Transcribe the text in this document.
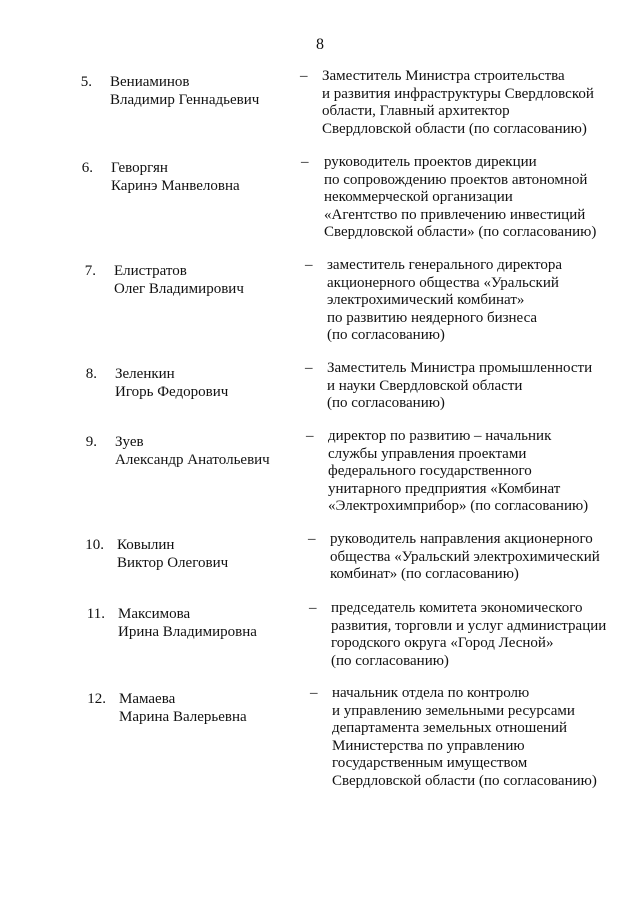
8
5. Вениаминов
Владимир Геннадьевич
– Заместитель Министра строительства
и развития инфраструктуры Свердловской
области, Главный архитектор
Свердловской области (по согласованию)
6. Геворгян
Каринэ Манвеловна
– руководитель проектов дирекции
по сопровождению проектов автономной
некоммерческой организации
«Агентство по привлечению инвестиций
Свердловской области» (по согласованию)
7. Елистратов
Олег Владимирович
– заместитель генерального директора
акционерного общества «Уральский
электрохимический комбинат»
по развитию неядерного бизнеса
(по согласованию)
8. Зеленкин
Игорь Федорович
– Заместитель Министра промышленности
и науки Свердловской области
(по согласованию)
9. Зуев
Александр Анатольевич
– директор по развитию – начальник
службы управления проектами
федерального государственного
унитарного предприятия «Комбинат
«Электрохимприбор» (по согласованию)
10. Ковылин
Виктор Олегович
– руководитель направления акционерного
общества «Уральский электрохимический
комбинат» (по согласованию)
11. Максимова
Ирина Владимировна
– председатель комитета экономического
развития, торговли и услуг администрации
городского округа «Город Лесной»
(по согласованию)
12. Мамаева
Марина Валерьевна
– начальник отдела по контролю
и управлению земельными ресурсами
департамента земельных отношений
Министерства по управлению
государственным имуществом
Свердловской области (по согласованию)
